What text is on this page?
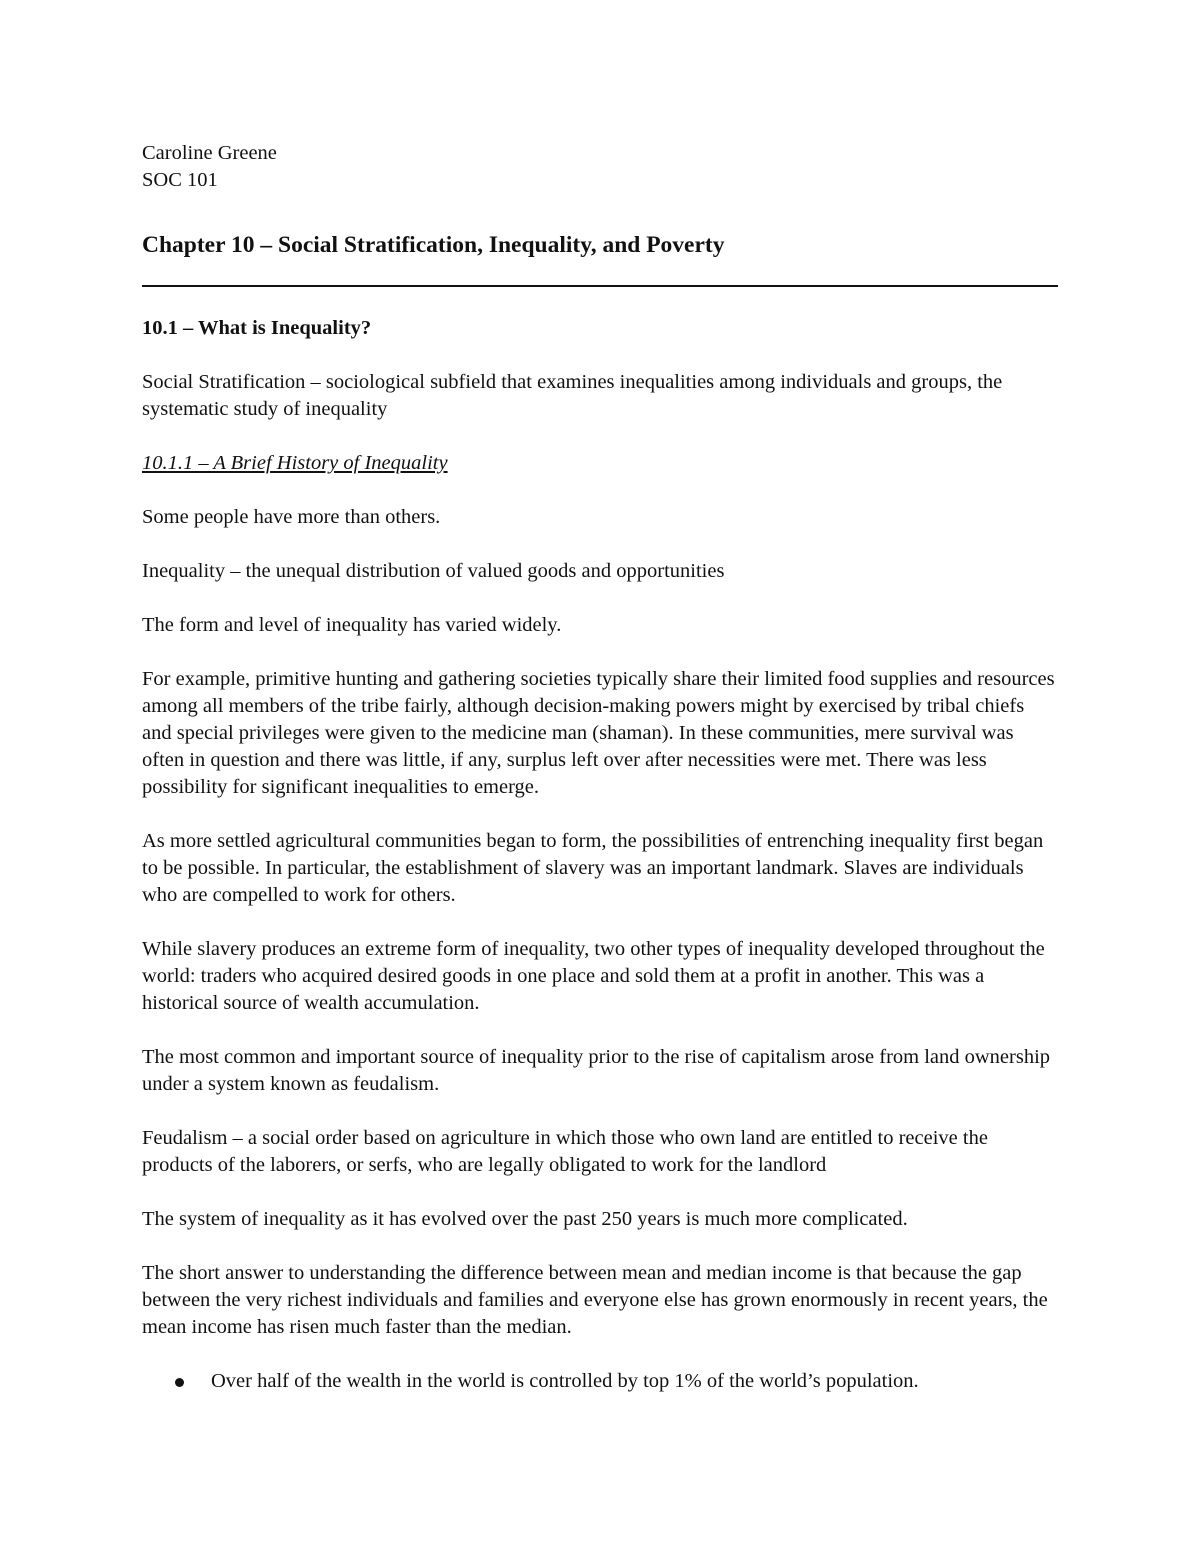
Caroline Greene

SOC 101

Chapter 10 – Social Stratification, Inequality, and Poverty

10.1 – What is Inequality?

Social Stratification – sociological subfield that examines inequalities among individuals and groups, the systematic study of inequality

10.1.1 – A Brief History of Inequality

Some people have more than others.

Inequality – the unequal distribution of valued goods and opportunities

The form and level of inequality has varied widely.

For example, primitive hunting and gathering societies typically share their limited food supplies and resources among all members of the tribe fairly, although decision-making powers might by exercised by tribal chiefs and special privileges were given to the medicine man (shaman). In these communities, mere survival was often in question and there was little, if any, surplus left over after necessities were met. There was less possibility for significant inequalities to emerge.

As more settled agricultural communities began to form, the possibilities of entrenching inequality first began to be possible. In particular, the establishment of slavery was an important landmark. Slaves are individuals who are compelled to work for others.

While slavery produces an extreme form of inequality, two other types of inequality developed throughout the world: traders who acquired desired goods in one place and sold them at a profit in another. This was a historical source of wealth accumulation.

The most common and important source of inequality prior to the rise of capitalism arose from land ownership under a system known as feudalism.

Feudalism – a social order based on agriculture in which those who own land are entitled to receive the products of the laborers, or serfs, who are legally obligated to work for the landlord

The system of inequality as it has evolved over the past 250 years is much more complicated.

The short answer to understanding the difference between mean and median income is that because the gap between the very richest individuals and families and everyone else has grown enormously in recent years, the mean income has risen much faster than the median.

Over half of the wealth in the world is controlled by top 1% of the world’s population.
